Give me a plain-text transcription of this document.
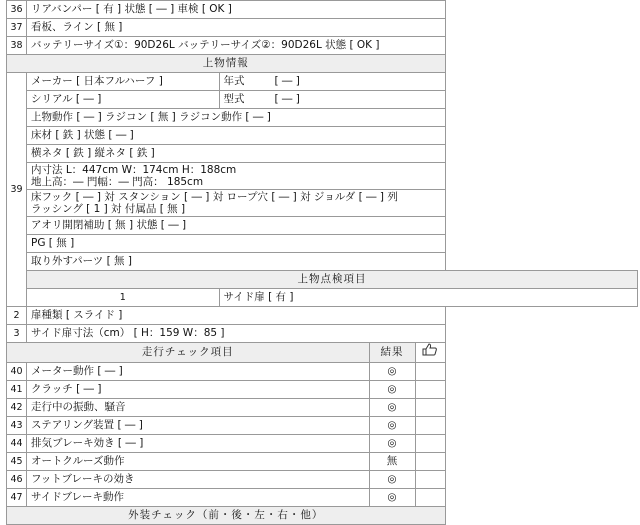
36	リアバンパー [ 有 ] 状態 [ ― ] 車検 [ OK ]			
37	看板、ライン [ 無 ]			
38	バッテリーサイズ①：90D26L バッテリーサイズ②：90D26L 状態 [ OK ]			
上物情報				
39	メーカー [ 日本フルハーフ ]	年式 [ ― ]		
	シリアル [ ― ]	型式 [ ― ]		
	上物動作 [ ― ] ラジコン [ 無 ] ラジコン動作 [ ― ]			
	床材 [ 鉄 ] 状態 [ ― ]			
	横ネタ [ 鉄 ] 縦ネタ [ 鉄 ]			

	内寸法 L：447cm W：174cm H：188cm
地上高：― 門幅：― 門高： 185cm			

	床フック [ ― ] 対 スタンション [ ― ] 対 ロープ穴 [ ― ] 対 ジョルダ [ ― ] 列
ラッシング [ 1 ] 対 付属品 [ 無 ]			

	アオリ開閉補助 [ 無 ] 状態 [ ― ]			
	PG [ 無 ]			
	取り外すパーツ [ 無 ]			
	上物点検項目			
	1	サイド扉 [ 有 ]		
2	扉種類 [ スライド ]			
3	サイド扉寸法（cm） [ H：159 W：85 ]			
走行チェック項目			結果	
40	メーター動作 [ ― ]		◎	
41	クラッチ [ ― ]		◎	
42	走行中の振動、騒音		◎	
43	ステアリング装置 [ ― ]		◎	
44	排気ブレーキ効き [ ― ]		◎	
45	オートクルーズ動作		無	
46	フットブレーキの効き		◎	
47	サイドブレーキ動作		◎	
外装チェック（前・後・左・右・他）				
